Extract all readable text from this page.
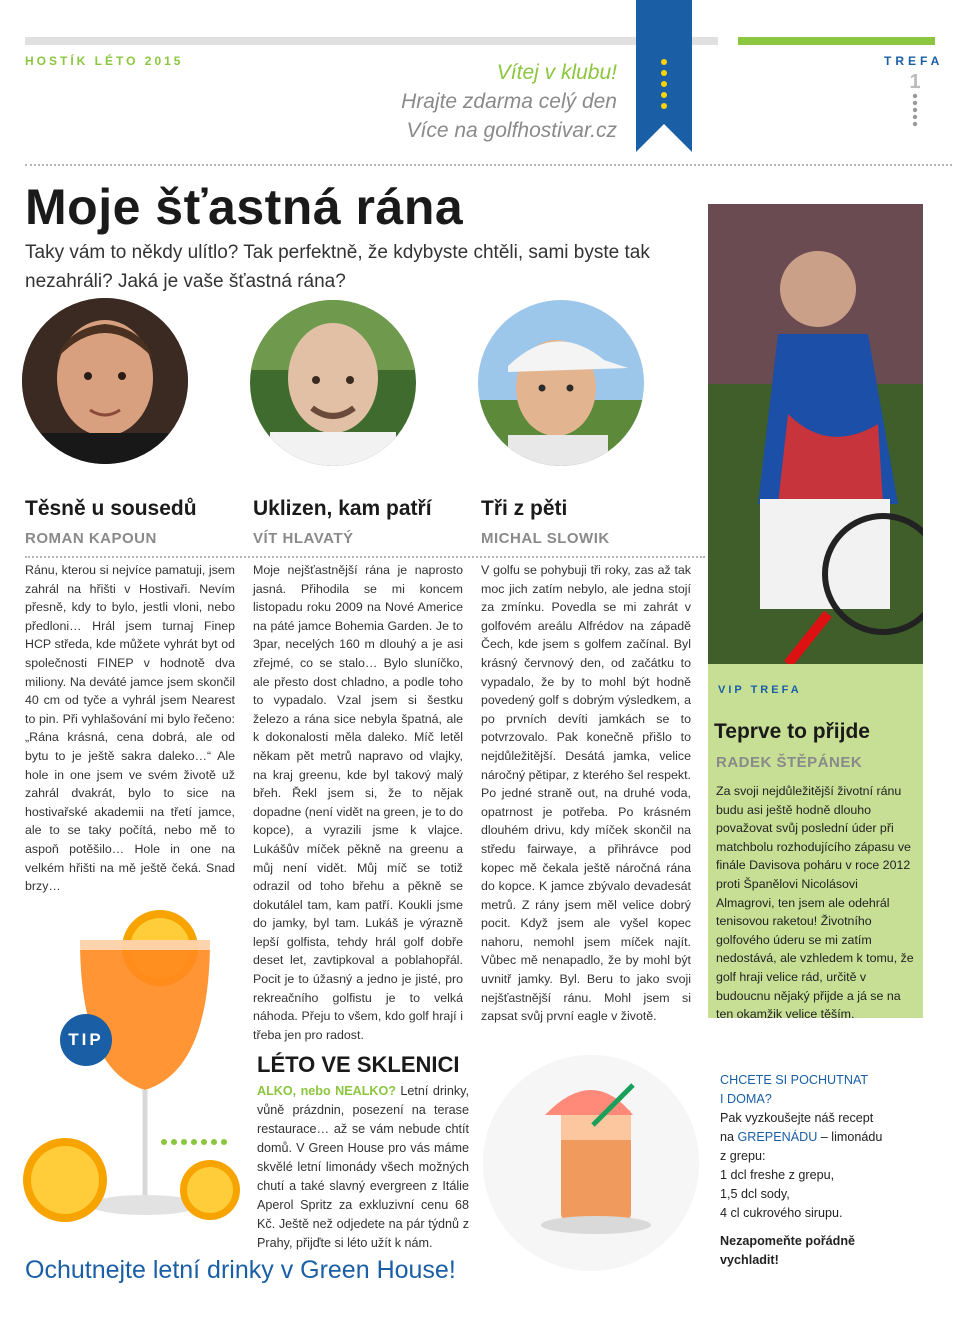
HOSTÍK LÉTO 2015	TREFA
1
Vítej v klubu!
Hrajte zdarma celý den
Více na golfhostivar.cz
Moje šťastná rána
Taky vám to někdy ulítlo? Tak perfektně, že kdybyste chtěli, sami byste tak nezahráli? Jaká je vaše šťastná rána?
Těsně u sousedů
ROMAN KAPOUN
Uklizen, kam patří
VÍT HLAVATÝ
Tři z pěti
MICHAL SLOWIK
Ránu, kterou si nejvíce pamatuji, jsem zahrál na hřišti v Hostivaři. Nevím přesně, kdy to bylo, jestli vloni, nebo předloni… Hrál jsem turnaj Finep HCP středa, kde můžete vyhrát byt od společnosti FINEP v hodnotě dva miliony. Na deváté jamce jsem skončil 40 cm od tyče a vyhrál jsem Nearest to pin. Při vyhlašování mi bylo řečeno: „Rána krásná, cena dobrá, ale od bytu to je ještě sakra daleko…“ Ale hole in one jsem ve svém životě už zahrál dvakrát, bylo to sice na hostivařské akademii na třetí jamce, ale to se taky počítá, nebo mě to aspoň potěšilo… Hole in one na velkém hřišti na mě ještě čeká. Snad brzy…
Moje nejšťastnější rána je naprosto jasná. Přihodila se mi koncem listopadu roku 2009 na Nové Americe na páté jamce Bohemia Garden. Je to 3par, necelých 160 m dlouhý a je asi zřejmé, co se stalo… Bylo sluníčko, ale přesto dost chladno, a podle toho to vypadalo. Vzal jsem si šestku železo a rána sice nebyla špatná, ale k dokonalosti měla daleko. Míč letěl někam pět metrů napravo od vlajky, na kraj greenu, kde byl takový malý břeh. Řekl jsem si, že to nějak dopadne (není vidět na green, je to do kopce), a vyrazili jsme k vlajce. Lukášův míček pěkně na greenu a můj není vidět. Můj míč se totiž odrazil od toho břehu a pěkně se dokutálel tam, kam patří. Koukli jsme do jamky, byl tam. Lukáš je výrazně lepší golfista, tehdy hrál golf dobře deset let, zavtipkoval a poblahopřál. Pocit je to úžasný a jedno je jisté, pro rekreačního golfistu je to velká náhoda. Přeju to všem, kdo golf hrají i třeba jen pro radost.
V golfu se pohybuji tři roky, zas až tak moc jich zatím nebylo, ale jedna stojí za zmínku. Povedla se mi zahrát v golfovém areálu Alfrédov na západě Čech, kde jsem s golfem začínal. Byl krásný červnový den, od začátku to vypadalo, že by to mohl být hodně povedený golf s dobrým výsledkem, a po prvních devíti jamkách se to potvrzovalo. Pak konečně přišlo to nejdůležitější. Desátá jamka, velice náročný pětipar, z kterého šel respekt. Po jedné straně out, na druhé voda, opatrnost je potřeba. Po krásném dlouhém drivu, kdy míček skončil na středu fairwaye, a přihrávce pod kopec mě čekala ještě náročná rána do kopce. K jamce zbývalo devadesát metrů. Z rány jsem měl velice dobrý pocit. Když jsem ale vyšel kopec nahoru, nemohl jsem míček najít. Vůbec mě nenapadlo, že by mohl být uvnitř jamky. Byl. Beru to jako svoji nejšťastnější ránu. Mohl jsem si zapsat svůj první eagle v životě.
VIP TREFA
Teprve to přijde
RADEK ŠTĚPÁNEK
Za svoji nejdůležitější životní ránu budu asi ještě hodně dlouho považovat svůj poslední úder při matchbolu rozhodujícího zápasu ve finále Davisova poháru v roce 2012 proti Španělovi Nicolásovi Almagrovi, ten jsem ale odehrál tenisovou raketou! Životního golfového úderu se mi zatím nedostává, ale vzhledem k tomu, že golf hraji velice rád, určitě v budoucnu nějaký přijde a já se na ten okamžik velice těším.
TIP
LÉTO VE SKLENICI
ALKO, nebo NEALKO? Letní drinky, vůně prázdnin, posezení na terase restaurace… až se vám nebude chtít domů. V Green House pro vás máme skvělé letní limonády všech možných chutí a také slavný evergreen z Itálie Aperol Spritz za exkluzivní cenu 68 Kč. Ještě než odjedete na pár týdnů z Prahy, přijďte si léto užít k nám.
CHCETE SI POCHUTNAT
I DOMA?
Pak vyzkoušejte náš recept
na GREPENÁDU – limonádu
z grepu:
1 dcl freshe z grepu,
1,5 dcl sody,
4 cl cukrového sirupu.
Nezapomeňte pořádně vychladit!
Ochutnejte letní drinky v Green House!
